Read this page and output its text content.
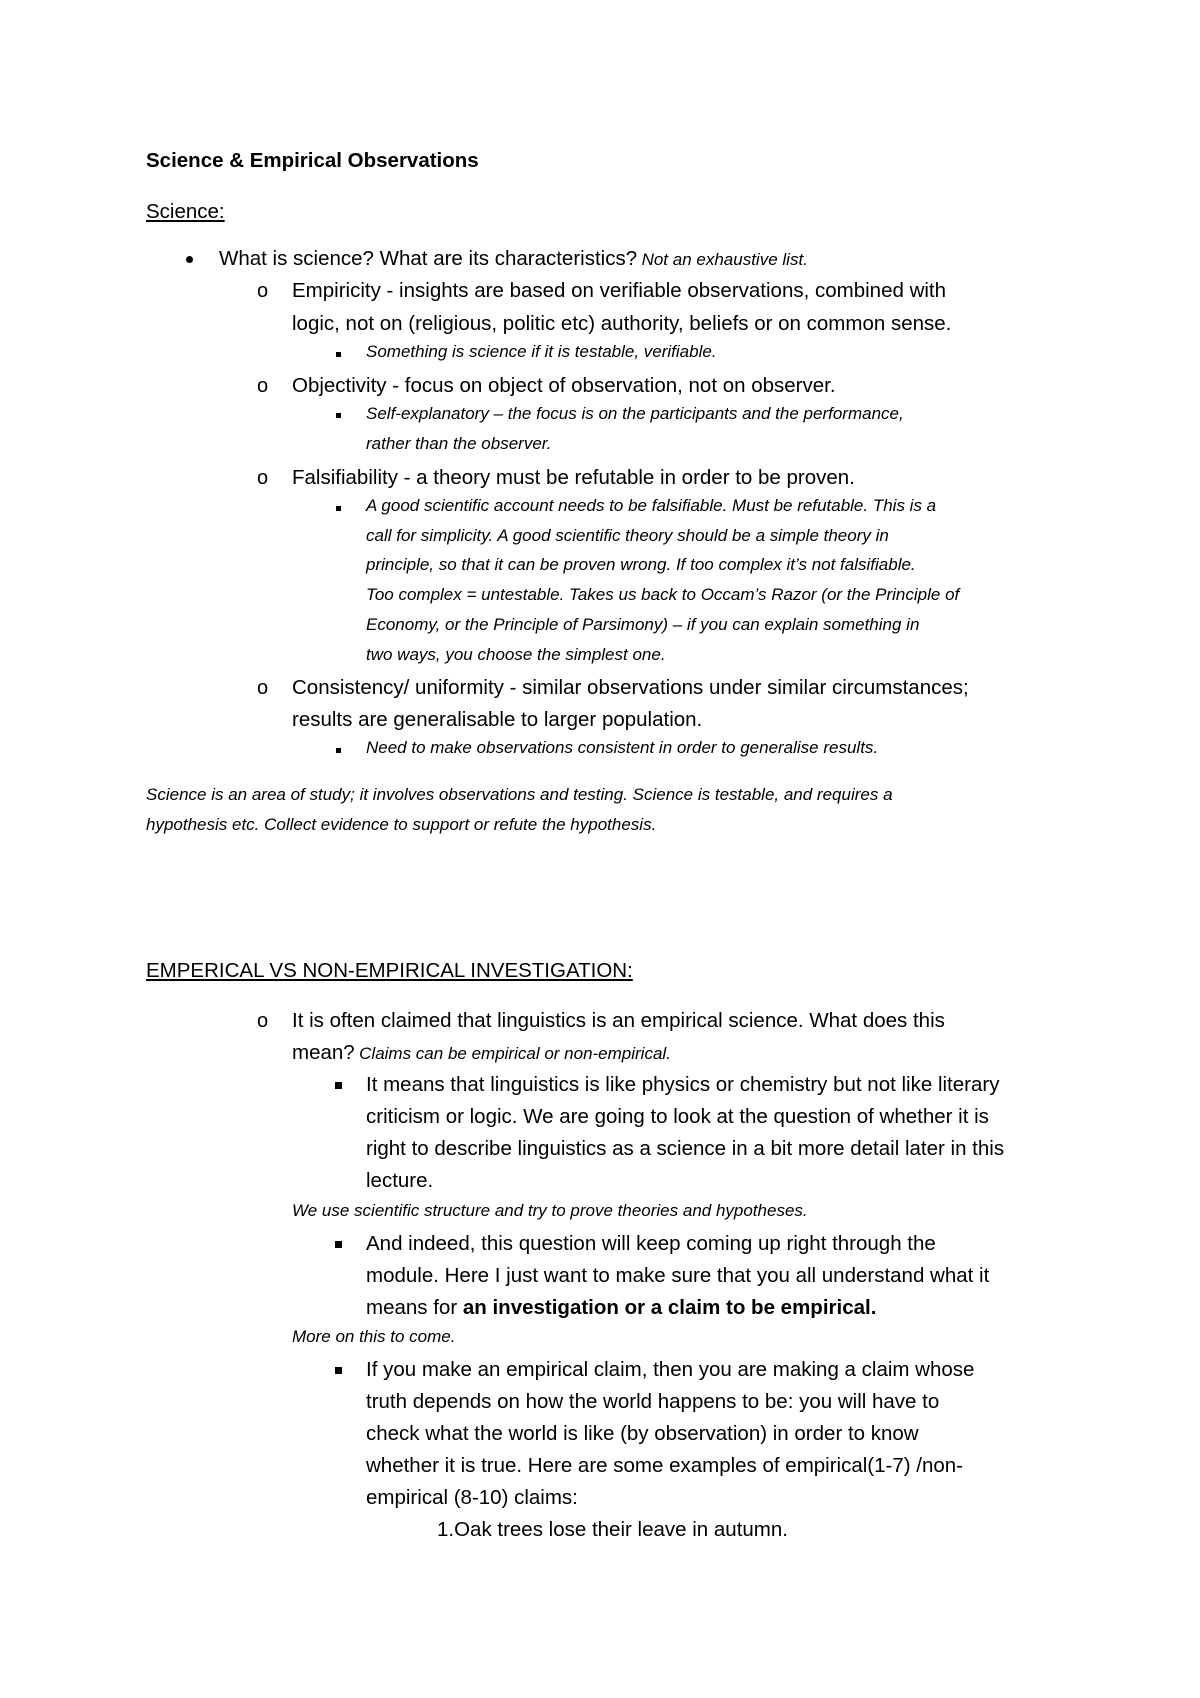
Science & Empirical Observations
Science:
What is science? What are its characteristics? Not an exhaustive list.
o Empiricity - insights are based on verifiable observations, combined with
logic, not on (religious, politic etc) authority, beliefs or on common sense.
Something is science if it is testable, verifiable.
o Objectivity - focus on object of observation, not on observer.
Self-explanatory – the focus is on the participants and the performance,
rather than the observer.
o Falsifiability - a theory must be refutable in order to be proven.
A good scientific account needs to be falsifiable. Must be refutable. This is a
call for simplicity. A good scientific theory should be a simple theory in
principle, so that it can be proven wrong. If too complex it’s not falsifiable.
Too complex = untestable. Takes us back to Occam’s Razor (or the Principle of
Economy, or the Principle of Parsimony) – if you can explain something in
two ways, you choose the simplest one.
o Consistency/ uniformity - similar observations under similar circumstances;
results are generalisable to larger population.
Need to make observations consistent in order to generalise results.
Science is an area of study; it involves observations and testing. Science is testable, and requires a
hypothesis etc. Collect evidence to support or refute the hypothesis.
EMPERICAL VS NON-EMPIRICAL INVESTIGATION:
o It is often claimed that linguistics is an empirical science. What does this
mean? Claims can be empirical or non-empirical.
It means that linguistics is like physics or chemistry but not like literary
criticism or logic. We are going to look at the question of whether it is
right to describe linguistics as a science in a bit more detail later in this
lecture.
We use scientific structure and try to prove theories and hypotheses.
And indeed, this question will keep coming up right through the
module. Here I just want to make sure that you all understand what it
means for an investigation or a claim to be empirical.
More on this to come.
If you make an empirical claim, then you are making a claim whose
truth depends on how the world happens to be: you will have to
check what the world is like (by observation) in order to know
whether it is true. Here are some examples of empirical(1-7) /non-
empirical (8-10) claims:
1.Oak trees lose their leave in autumn.
